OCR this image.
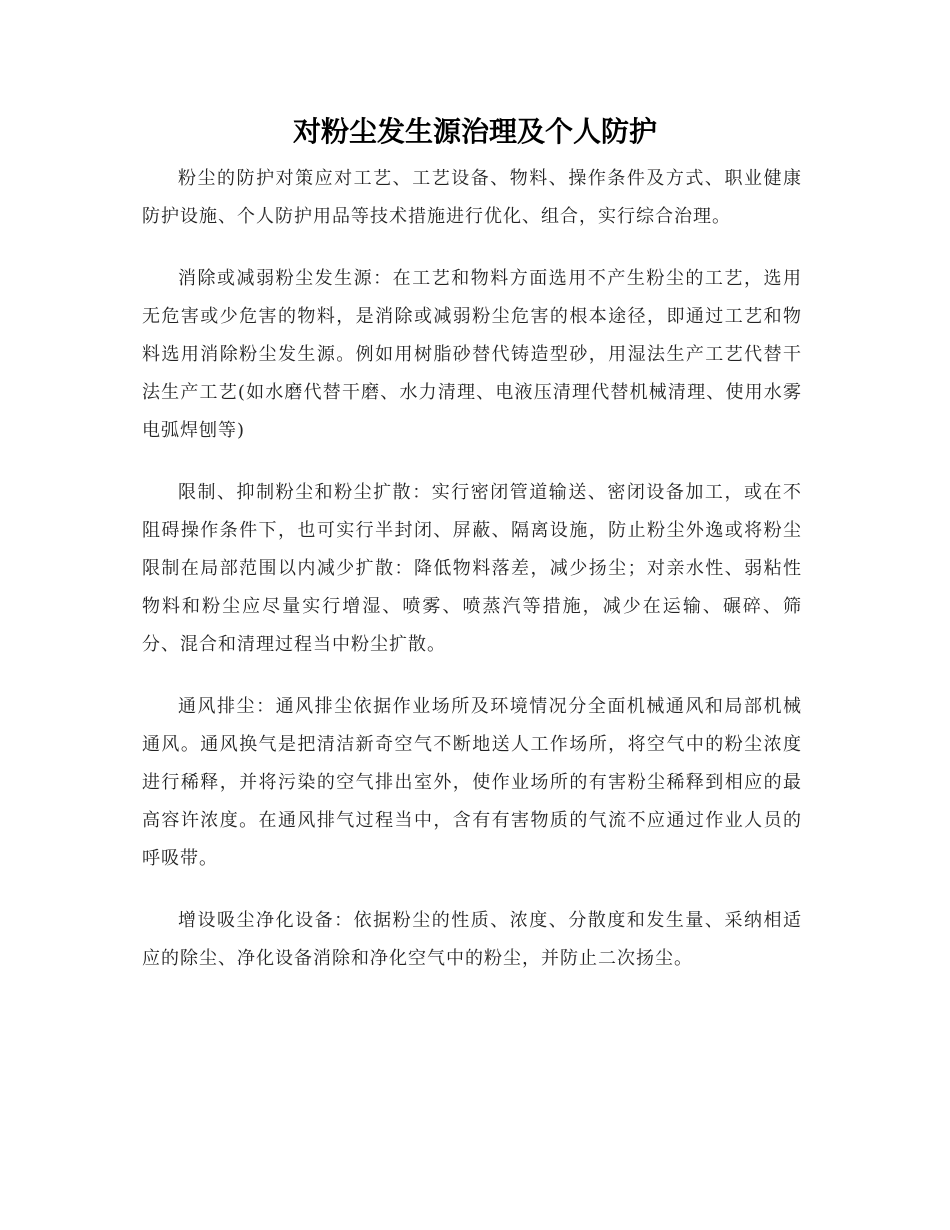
对粉尘发生源治理及个人防护

粉尘的防护对策应对工艺、工艺设备、物料、操作条件及方式、职业健康防护设施、个人防护用品等技术措施进行优化、组合，实行综合治理。

消除或减弱粉尘发生源：在工艺和物料方面选用不产生粉尘的工艺，选用无危害或少危害的物料，是消除或减弱粉尘危害的根本途径，即通过工艺和物料选用消除粉尘发生源。例如用树脂砂替代铸造型砂，用湿法生产工艺代替干法生产工艺(如水磨代替干磨、水力清理、电液压清理代替机械清理、使用水雾电弧焊刨等)

限制、抑制粉尘和粉尘扩散：实行密闭管道输送、密闭设备加工，或在不阻碍操作条件下，也可实行半封闭、屏蔽、隔离设施，防止粉尘外逸或将粉尘限制在局部范围以内减少扩散：降低物料落差，减少扬尘；对亲水性、弱粘性物料和粉尘应尽量实行增湿、喷雾、喷蒸汽等措施，减少在运输、碾碎、筛分、混合和清理过程当中粉尘扩散。

通风排尘：通风排尘依据作业场所及环境情况分全面机械通风和局部机械通风。通风换气是把清洁新奇空气不断地送人工作场所，将空气中的粉尘浓度进行稀释，并将污染的空气排出室外，使作业场所的有害粉尘稀释到相应的最高容许浓度。在通风排气过程当中，含有有害物质的气流不应通过作业人员的呼吸带。

增设吸尘净化设备：依据粉尘的性质、浓度、分散度和发生量、采纳相适应的除尘、净化设备消除和净化空气中的粉尘，并防止二次扬尘。
